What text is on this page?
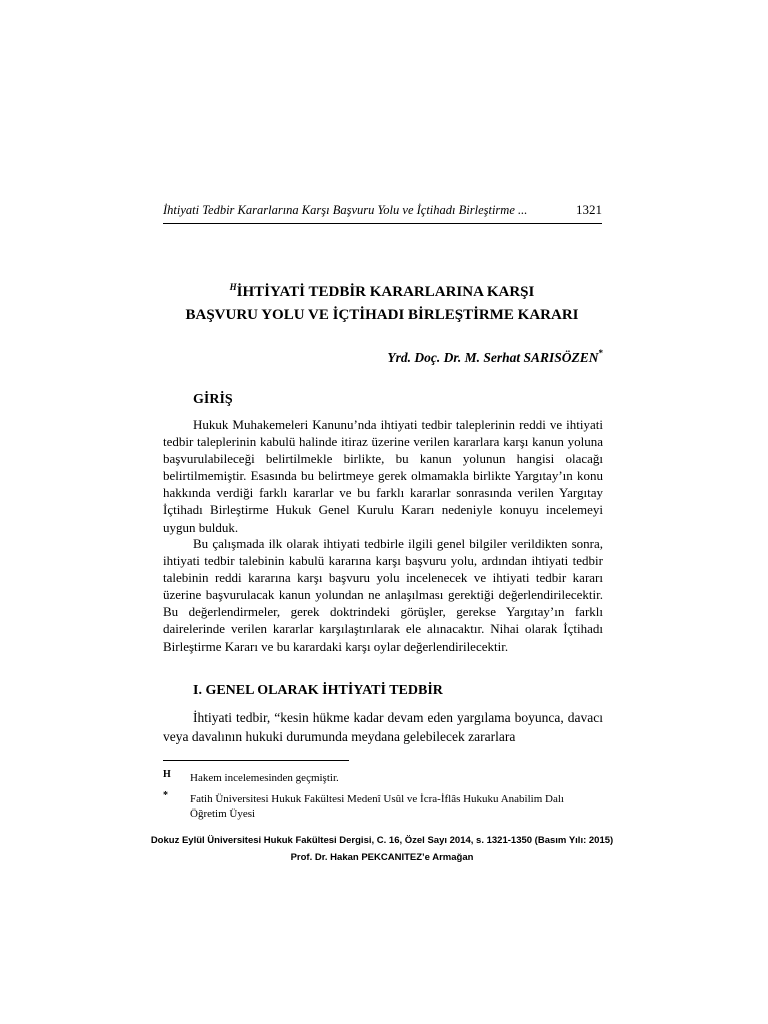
İhtiyati Tedbir Kararlarına Karşı Başvuru Yolu ve İçtihadı Birleştirme ...	1321
$^H$İHTİYATİ TEDBİR KARARLARINA KARŞI
BAŞVURU YOLU VE İÇTİHADI BİRLEŞTİRME KARARI
Yrd. Doç. Dr. M. Serhat SARISÖZEN*
GİRİŞ

Hukuk Muhakemeleri Kanunu’nda ihtiyati tedbir taleplerinin reddi ve ihtiyati tedbir taleplerinin kabulü halinde itiraz üzerine verilen kararlara karşı kanun yoluna başvurulabileceği belirtilmekle birlikte, bu kanun yolunun hangisi olacağı belirtilmemiştir. Esasında bu belirtmeye gerek olmamakla birlikte Yargıtay’ın konu hakkında verdiği farklı kararlar ve bu farklı kararlar sonrasında verilen Yargıtay İçtihadı Birleştirme Hukuk Genel Kurulu Kararı nedeniyle konuyu incelemeyi uygun bulduk.

Bu çalışmada ilk olarak ihtiyati tedbirle ilgili genel bilgiler verildikten sonra, ihtiyati tedbir talebinin kabulü kararına karşı başvuru yolu, ardından ihtiyati tedbir talebinin reddi kararına karşı başvuru yolu incelenecek ve ihtiyati tedbir kararı üzerine başvurulacak kanun yolundan ne anlaşılması gerektiği değerlendirilecektir. Bu değerlendirmeler, gerek doktrindeki görüşler, gerekse Yargıtay’ın farklı dairelerinde verilen kararlar karşılaştırılarak ele alınacaktır. Nihai olarak İçtihadı Birleştirme Kararı ve bu karardaki karşı oylar değerlendirilecektir.

I. GENEL OLARAK İHTİYATİ TEDBİR

İhtiyati tedbir, “kesin hükme kadar devam eden yargılama boyunca, davacı veya davalının hukuki durumunda meydana gelebilecek zararlara

H Hakem incelemesinden geçmiştir.
* Fatih Üniversitesi Hukuk Fakültesi Medenî Usûl ve İcra-İflâs Hukuku Anabilim Dalı Öğretim Üyesi
Dokuz Eylül Üniversitesi Hukuk Fakültesi Dergisi, C. 16, Özel Sayı 2014, s. 1321-1350 (Basım Yılı: 2015)
Prof. Dr. Hakan PEKCANITEZ’e Armağan
